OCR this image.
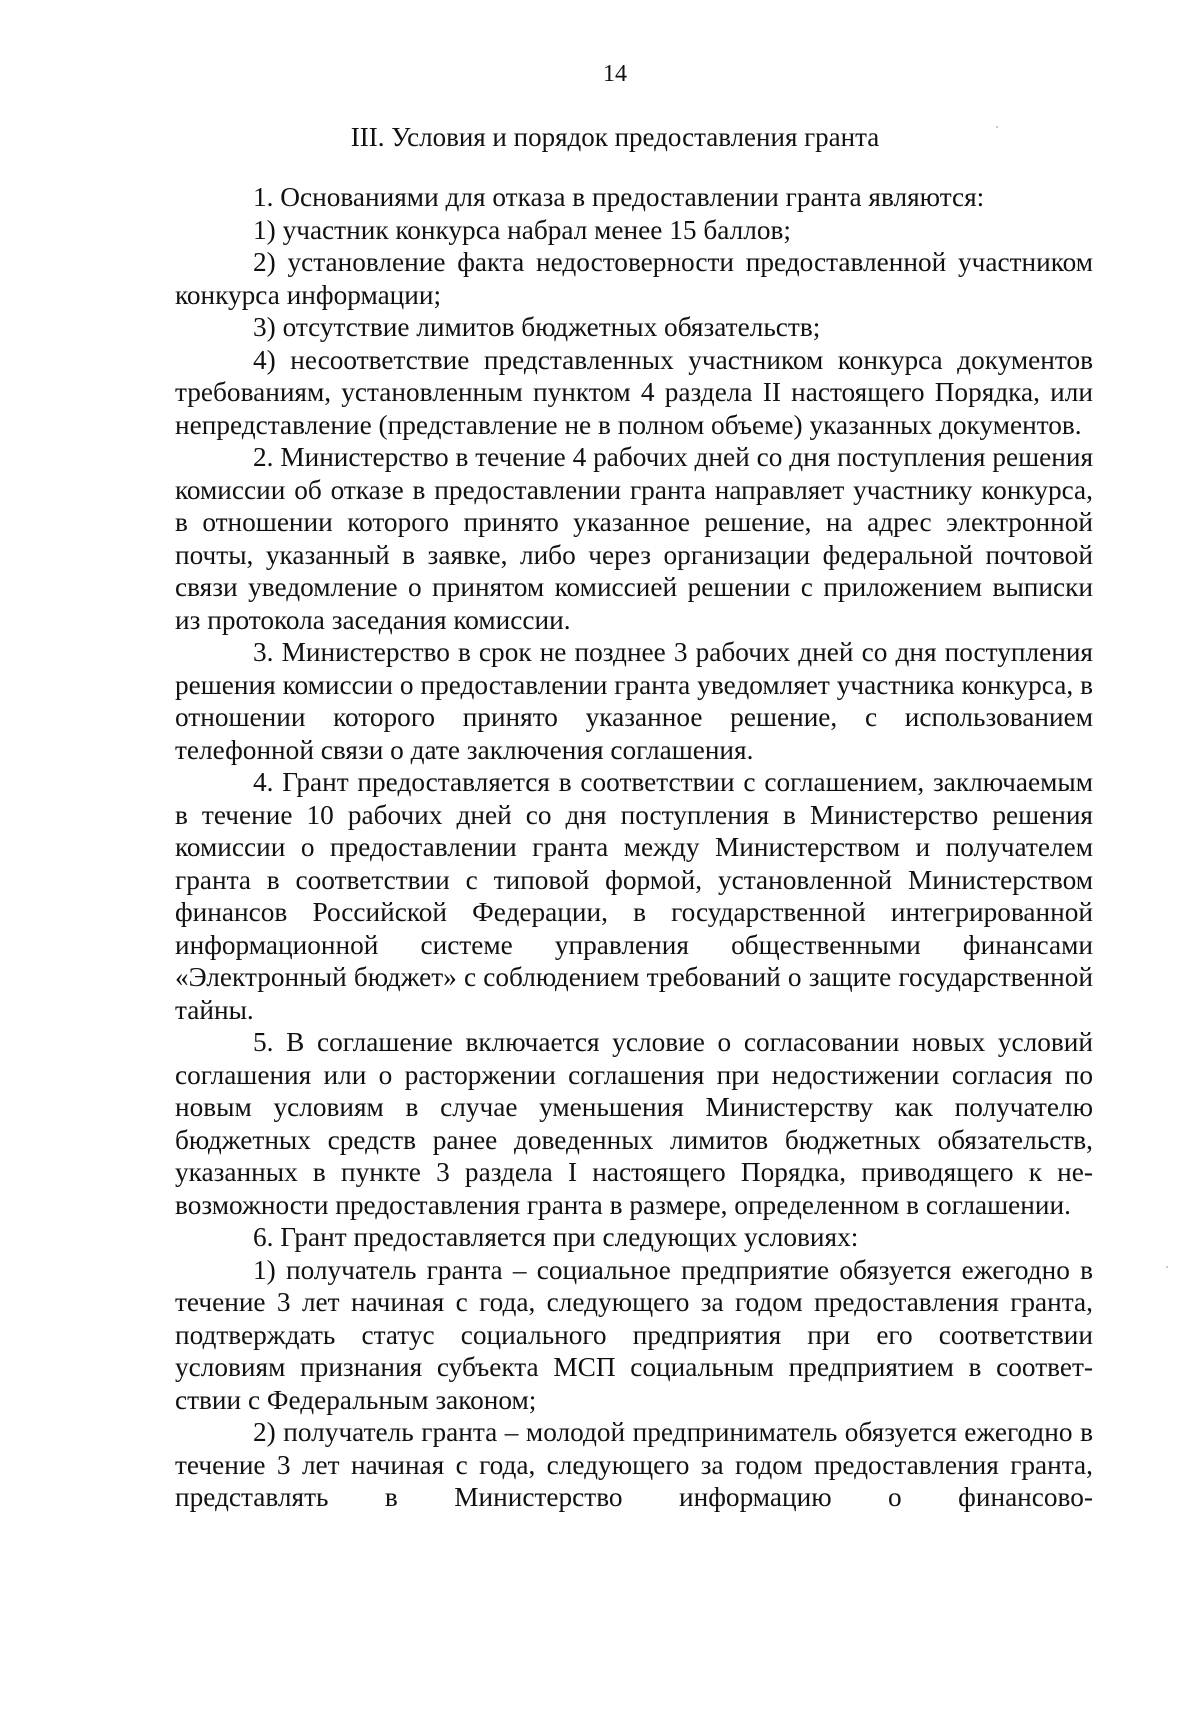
14
III. Условия и порядок предоставления гранта

1. Основаниями для отказа в предоставлении гранта являются:

1) участник конкурса набрал менее 15 баллов;

2) установление факта недостоверности предоставленной участником конкурса информации;

3) отсутствие лимитов бюджетных обязательств;

4) несоответствие представленных участником конкурса документов требованиям, установленным пунктом 4 раздела II настоящего Порядка, или непредставление (представление не в полном объеме) указанных документов.

2. Министерство в течение 4 рабочих дней со дня поступления решения комиссии об отказе в предоставлении гранта направляет участнику конкурса, в отношении которого принято указанное решение, на адрес электронной почты, указанный в заявке, либо через организации федеральной почтовой связи уведомление о принятом комиссией решении с приложением выписки из протокола заседания комиссии.

3. Министерство в срок не позднее 3 рабочих дней со дня поступления решения комиссии о предоставлении гранта уведомляет участника конкурса, в отношении которого принято указанное решение, с использованием телефонной связи о дате заключения соглашения.

4. Грант предоставляется в соответствии с соглашением, заключаемым в течение 10 рабочих дней со дня поступления в Министерство решения комиссии о предоставлении гранта между Министерством и получателем гранта в соответствии с типовой формой, установленной Министерством финансов Российской Федерации, в государственной интегрированной информационной системе управления общественными финансами «Электронный бюджет» с соблюдением требований о защите государственной тайны.

5. В соглашение включается условие о согласовании новых условий соглашения или о расторжении соглашения при недостижении согласия по новым условиям в случае уменьшения Министерству как получателю бюджетных средств ранее доведенных лимитов бюджетных обязательств, указанных в пункте 3 раздела I настоящего Порядка, приводящего к невозможности предоставления гранта в размере, определенном в соглашении.

6. Грант предоставляется при следующих условиях:

1) получатель гранта – социальное предприятие обязуется ежегодно в течение 3 лет начиная с года, следующего за годом предоставления гранта, подтверждать статус социального предприятия при его соответствии условиям признания субъекта МСП социальным предприятием в соответствии с Федеральным законом;

2) получатель гранта – молодой предприниматель обязуется ежегодно в течение 3 лет начиная с года, следующего за годом предоставления гранта, представлять в Министерство информацию о финансово-
